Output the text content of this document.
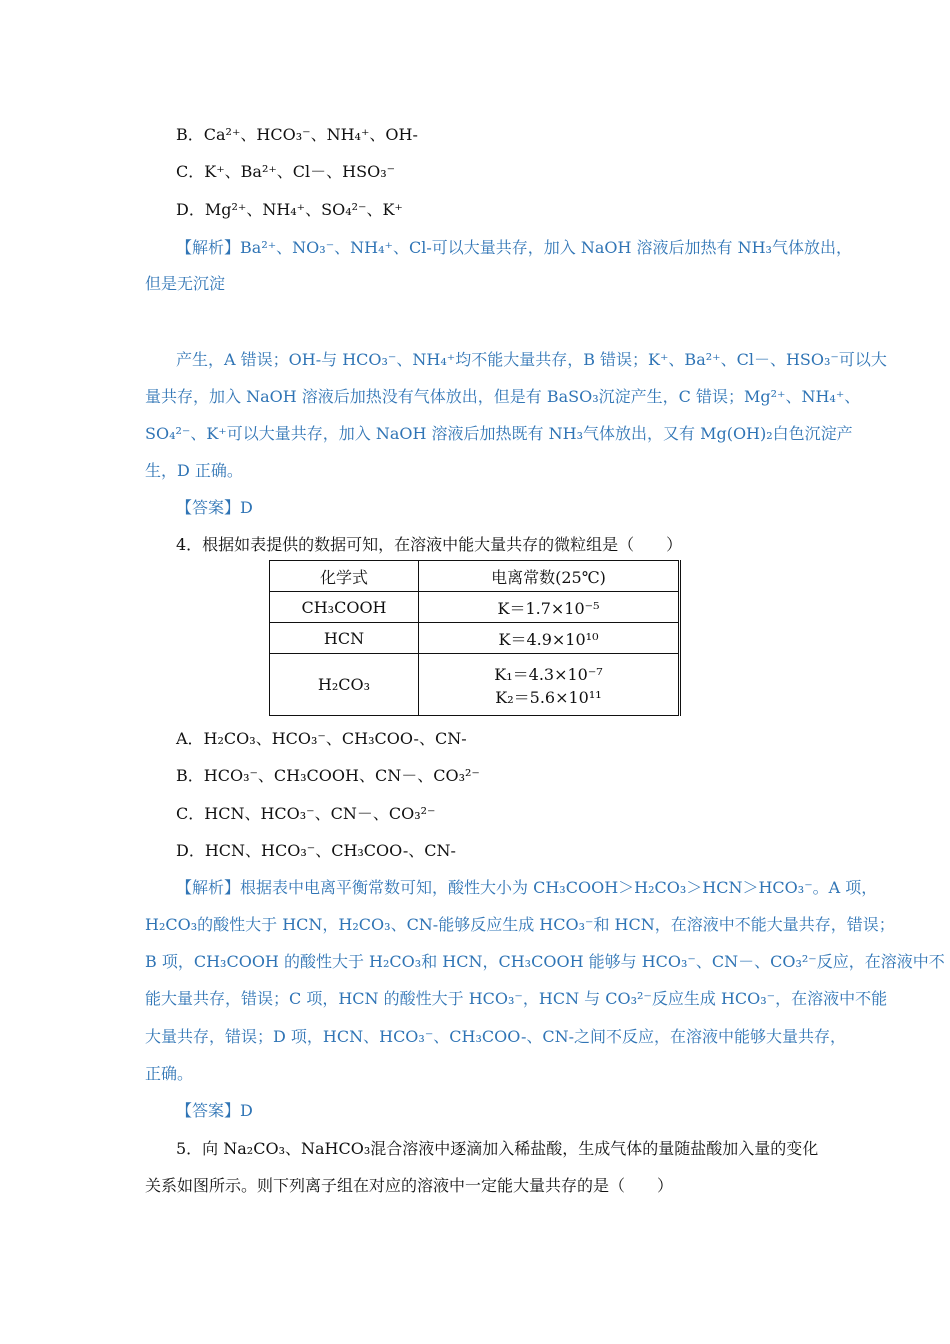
B．Ca²⁺、HCO₃⁻、NH₄⁺、OH-
C．K⁺、Ba²⁺、Cl－、HSO₃⁻
D．Mg²⁺、NH₄⁺、SO₄²⁻、K⁺
【解析】Ba²⁺、NO₃⁻、NH₄⁺、Cl-可以大量共存，加入 NaOH 溶液后加热有 NH₃气体放出，
但是无沉淀
产生，A 错误；OH-与 HCO₃⁻、NH₄⁺均不能大量共存，B 错误；K⁺、Ba²⁺、Cl－、HSO₃⁻可以大
量共存，加入 NaOH 溶液后加热没有气体放出，但是有 BaSO₃沉淀产生，C 错误；Mg²⁺、NH₄⁺、
SO₄²⁻、K⁺可以大量共存，加入 NaOH 溶液后加热既有 NH₃气体放出，又有 Mg(OH)₂白色沉淀产
生，D 正确。
【答案】D
4．根据如表提供的数据可知，在溶液中能大量共存的微粒组是（　　）
化学式	电离常数(25℃)
CH₃COOH	K＝1.7×10⁻⁵
HCN	K＝4.9×10¹⁰
H₂CO₃	K₁＝4.3×10⁻⁷
K₂＝5.6×10¹¹
A．H₂CO₃、HCO₃⁻、CH₃COO-、CN-
B．HCO₃⁻、CH₃COOH、CN－、CO₃²⁻
C．HCN、HCO₃⁻、CN－、CO₃²⁻
D．HCN、HCO₃⁻、CH₃COO-、CN-
【解析】根据表中电离平衡常数可知，酸性大小为 CH₃COOH＞H₂CO₃＞HCN＞HCO₃⁻。A 项，
H₂CO₃的酸性大于 HCN，H₂CO₃、CN-能够反应生成 HCO₃⁻和 HCN，在溶液中不能大量共存，错误；
B 项，CH₃COOH 的酸性大于 H₂CO₃和 HCN，CH₃COOH 能够与 HCO₃⁻、CN－、CO₃²⁻反应，在溶液中不
能大量共存，错误；C 项，HCN 的酸性大于 HCO₃⁻，HCN 与 CO₃²⁻反应生成 HCO₃⁻，在溶液中不能
大量共存，错误；D 项，HCN、HCO₃⁻、CH₃COO-、CN-之间不反应，在溶液中能够大量共存，
正确。
【答案】D
5．向 Na₂CO₃、NaHCO₃混合溶液中逐滴加入稀盐酸，生成气体的量随盐酸加入量的变化
关系如图所示。则下列离子组在对应的溶液中一定能大量共存的是（　　）
